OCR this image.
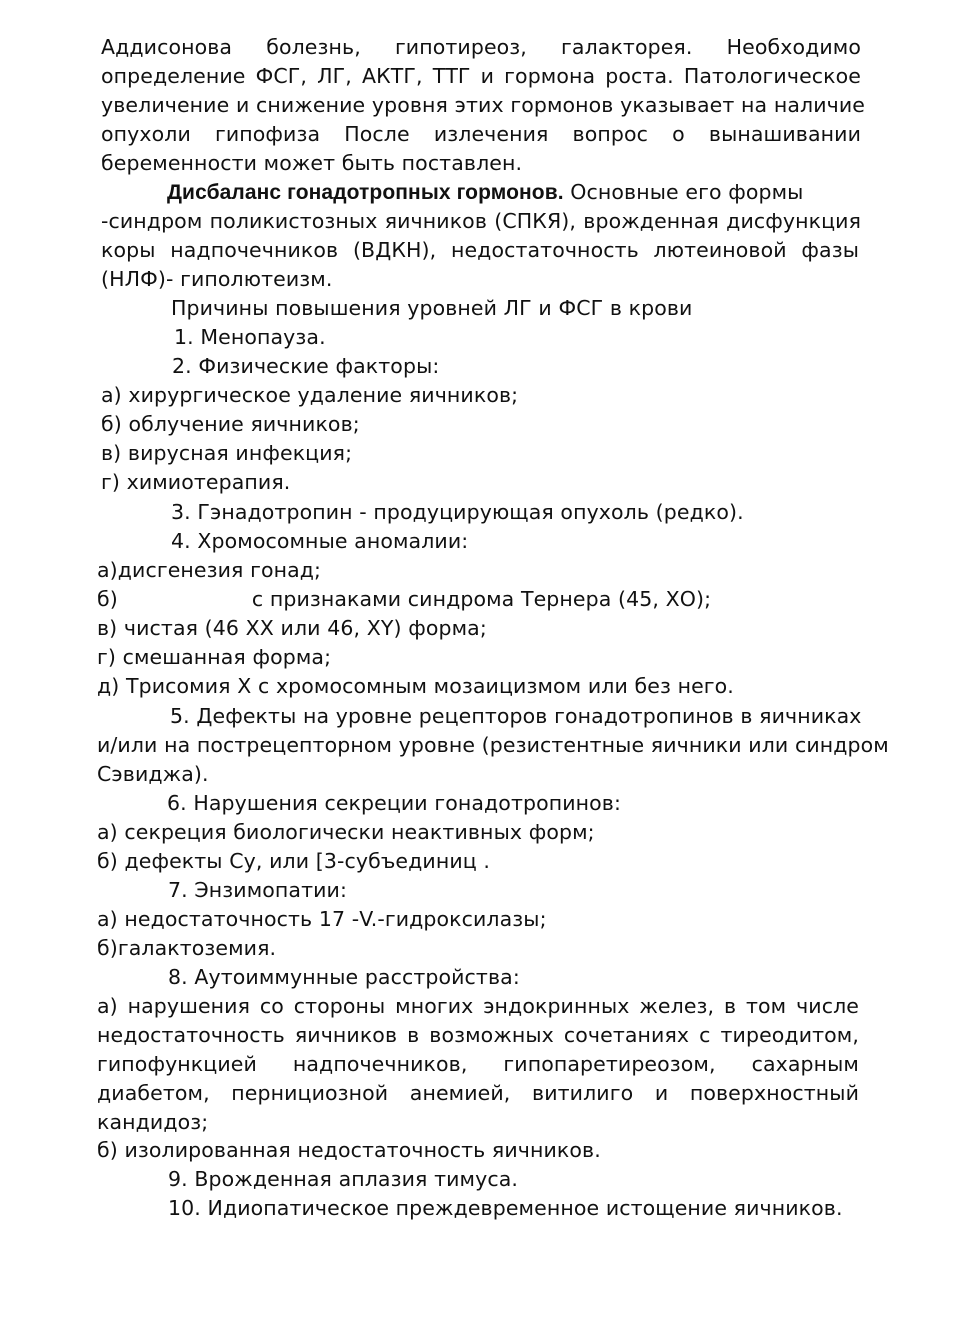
Аддисонова болезнь, гипотиреоз, галакторея. Необходимо
определение ФСГ, ЛГ, АКТГ, ТТГ и гормона роста. Патологическое
увеличение и снижение уровня этих гормонов указывает на наличие
опухоли гипофиза После излечения вопрос о вынашивании
беременности может быть поставлен.
Дисбаланс гонадотропных гормонов. Основные его формы
-синдром поликистозных яичников (СПКЯ), врожденная дисфункция
коры надпочечников (ВДКН), недостаточность лютеиновой фазы
(НЛФ)- гиполютеизм.
Причины повышения уровней ЛГ и ФСГ в крови
1. Менопауза.
2. Физические факторы:
а) хирургическое удаление яичников;
б) облучение яичников;
в) вирусная инфекция;
г) химиотерапия.
3. Гэнадотропин - продуцирующая опухоль (редко).
4. Хромосомные аномалии:
а)дисгенезия гонад;
б)	с признаками синдрома Тернера (45, ХО);
в) чистая (46 XX или 46, XY) форма;
г) смешанная форма;
д) Трисомия X с хромосомным мозаицизмом или без него.
5. Дефекты на уровне рецепторов гонадотропинов в яичниках
и/или на пострецепторном уровне (резистентные яичники или синдром
Сэвиджа).
6. Нарушения секреции гонадотропинов:
а) секреция биологически неактивных форм;
б) дефекты Су, или [3-субъединиц .
7. Энзимопатии:
а) недостаточность 17 -V.-гидроксилазы;
б)галактоземия.
8. Аутоиммунные расстройства:
а) нарушения со стороны многих эндокринных желез, в том числе
недостаточность яичников в возможных сочетаниях с тиреодитом,
гипофункцией надпочечников, гипопаретиреозом, сахарным
диабетом, пернициозной анемией, витилиго и поверхностный
кандидоз;
б) изолированная недостаточность яичников.
9. Врожденная аплазия тимуса.
10. Идиопатическое преждевременное истощение яичников.
